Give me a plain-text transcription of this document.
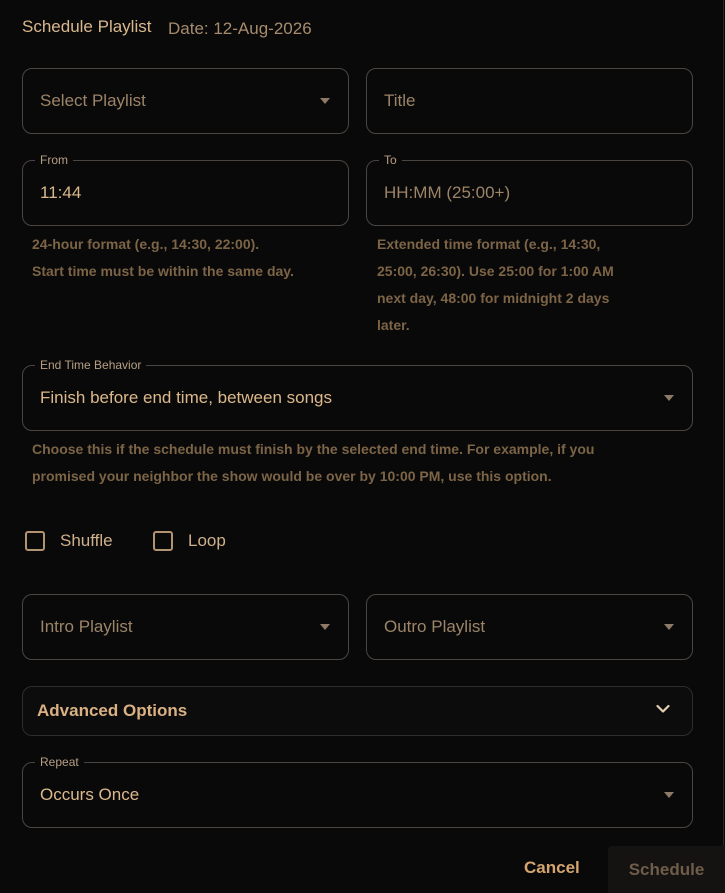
Schedule Playlist Date: 12-Aug-2026
Select Playlist	Title
From
11:44
To
HH:MM (25:00+)
24-hour format (e.g., 14:30, 22:00).
Start time must be within the same day.
Extended time format (e.g., 14:30,
25:00, 26:30). Use 25:00 for 1:00 AM
next day, 48:00 for midnight 2 days
later.
End Time Behavior
Finish before end time, between songs
Choose this if the schedule must finish by the selected end time. For example, if you
promised your neighbor the show would be over by 10:00 PM, use this option.
Shuffle	Loop
Intro Playlist	Outro Playlist
Advanced Options
Repeat
Occurs Once
Cancel	Schedule
